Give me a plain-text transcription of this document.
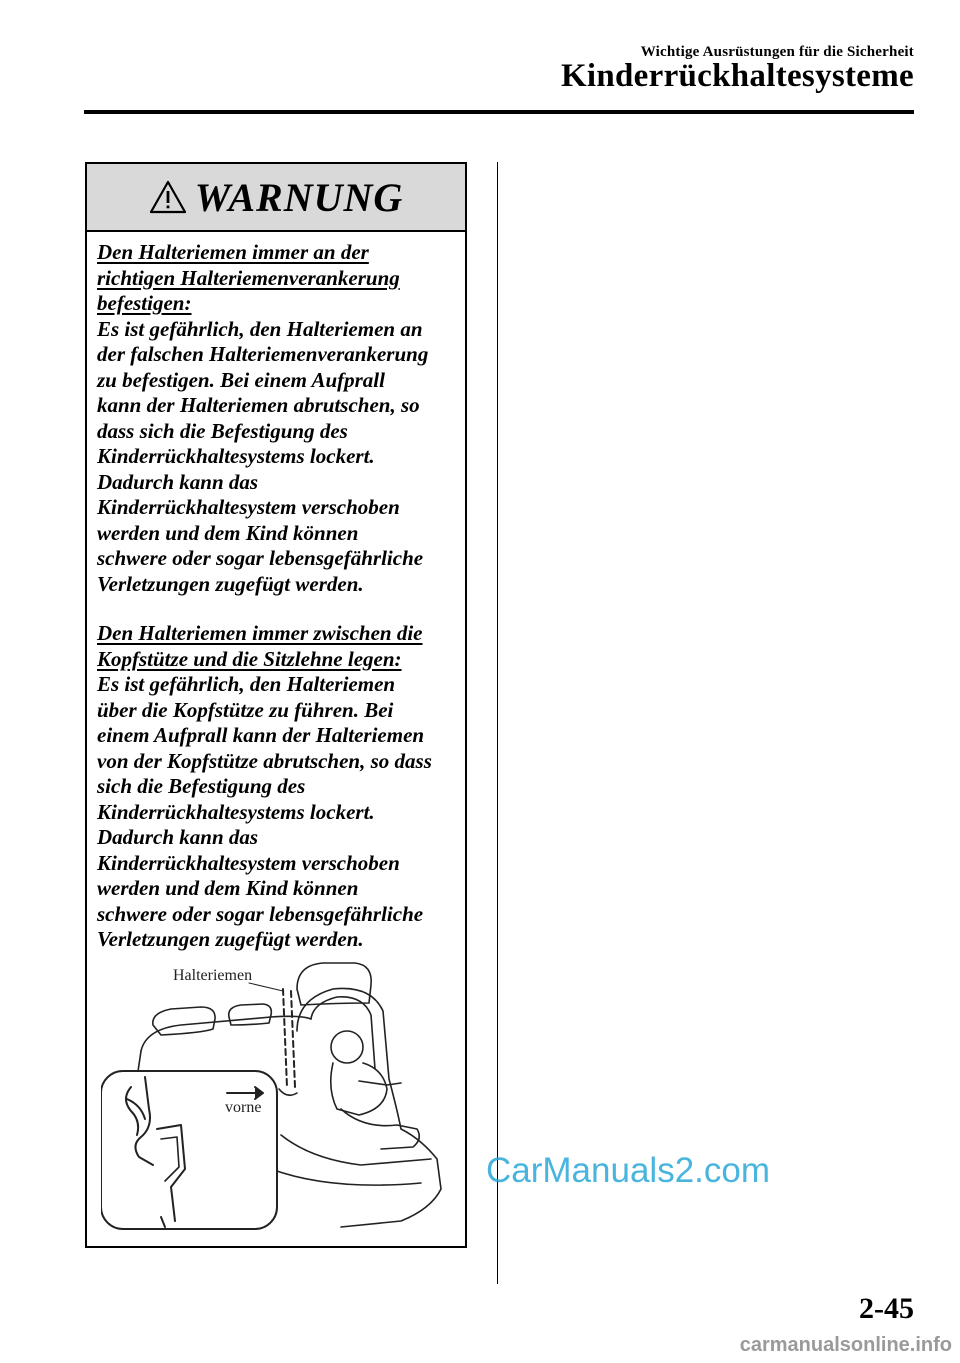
Wichtige Ausrüstungen für die Sicherheit
Kinderrückhaltesysteme
WARNUNG
Den Halteriemen immer an der
richtigen Halteriemenverankerung
befestigen:
Es ist gefährlich, den Halteriemen an
der falschen Halteriemenverankerung
zu befestigen. Bei einem Aufprall
kann der Halteriemen abrutschen, so
dass sich die Befestigung des
Kinderrückhaltesystems lockert.
Dadurch kann das
Kinderrückhaltesystem verschoben
werden und dem Kind können
schwere oder sogar lebensgefährliche
Verletzungen zugefügt werden.
Den Halteriemen immer zwischen die
Kopfstütze und die Sitzlehne legen:
Es ist gefährlich, den Halteriemen
über die Kopfstütze zu führen. Bei
einem Aufprall kann der Halteriemen
von der Kopfstütze abrutschen, so dass
sich die Befestigung des
Kinderrückhaltesystems lockert.
Dadurch kann das
Kinderrückhaltesystem verschoben
werden und dem Kind können
schwere oder sogar lebensgefährliche
Verletzungen zugefügt werden.
Halteriemen
vorne
CarManuals2.com
2-45
carmanualsonline.info
